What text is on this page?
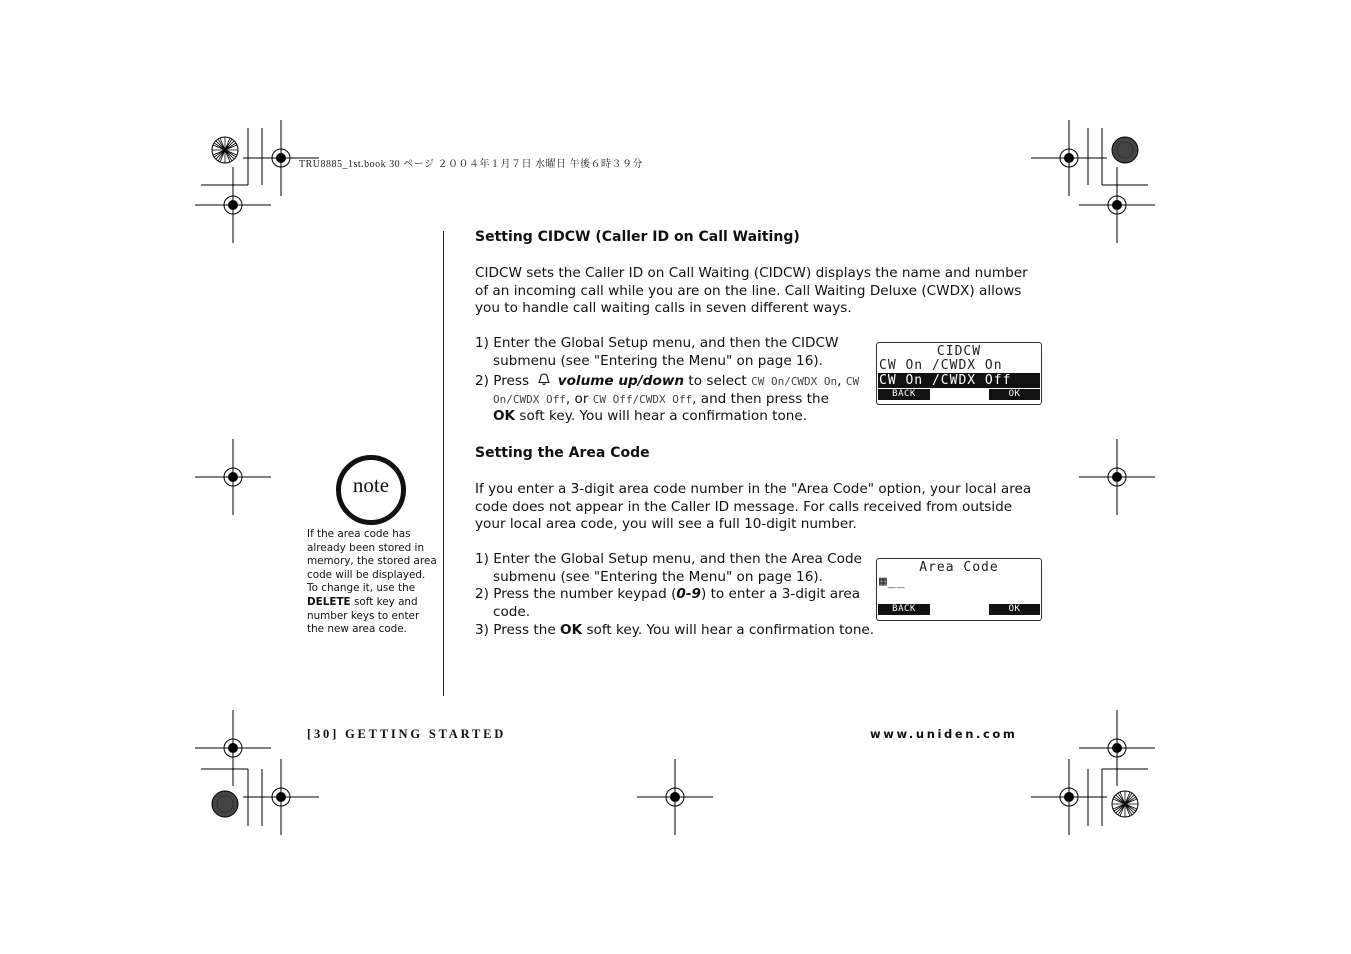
TRU8885_1st.book 30 ページ ２００４年１月７日 水曜日 午後６時３９分
Setting CIDCW (Caller ID on Call Waiting)
CIDCW sets the Caller ID on Call Waiting (CIDCW) displays the name and number of an incoming call while you are on the line. Call Waiting Deluxe (CWDX) allows you to handle call waiting calls in seven different ways.
1) Enter the Global Setup menu, and then the CIDCW
submenu (see "Entering the Menu" on page 16).
2) Press volume up/down to select CW On/CWDX On, CW
On/CWDX Off, or CW Off/CWDX Off, and then press the
OK soft key. You will hear a confirmation tone.
CIDCW
CW On /CWDX On
CW On /CWDX Off
BACK	OK
Setting the Area Code
If you enter a 3-digit area code number in the "Area Code" option, your local area code does not appear in the Caller ID message. For calls received from outside your local area code, you will see a full 10-digit number.
1) Enter the Global Setup menu, and then the Area Code
submenu (see "Entering the Menu" on page 16).
2) Press the number keypad (0-9) to enter a 3-digit area
code.
3) Press the OK soft key. You will hear a confirmation tone.
Area Code
▦__
BACK	OK
note
If the area code has already been stored in memory, the stored area code will be displayed. To change it, use the DELETE soft key and number keys to enter the new area code.
[30] GETTING STARTED	www.uniden.com
